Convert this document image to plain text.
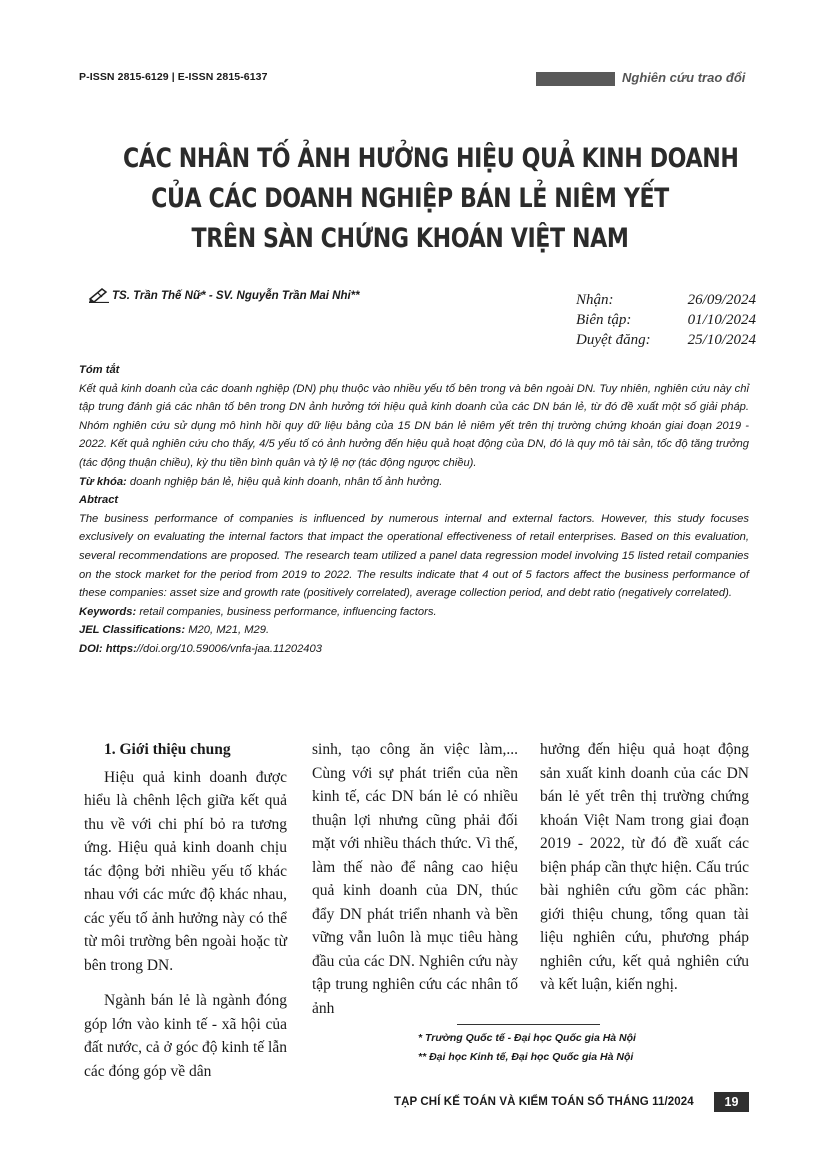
P-ISSN 2815-6129 | E-ISSN 2815-6137	Nghiên cứu trao đổi
CÁC NHÂN TỐ ẢNH HƯỞNG HIỆU QUẢ KINH DOANH
CỦA CÁC DOANH NGHIỆP BÁN LẺ NIÊM YẾT
TRÊN SÀN CHỨNG KHOÁN VIỆT NAM
TS. Trần Thế Nữ* - SV. Nguyễn Trần Mai Nhi**	Nhận:	26/09/2024
Biên tập:	01/10/2024
Duyệt đăng:	25/10/2024
Tóm tắt
Kết quả kinh doanh của các doanh nghiệp (DN) phụ thuộc vào nhiều yếu tố bên trong và bên ngoài DN. Tuy nhiên, nghiên cứu này chỉ tập trung đánh giá các nhân tố bên trong DN ảnh hưởng tới hiệu quả kinh doanh của các DN bán lẻ, từ đó đề xuất một số giải pháp. Nhóm nghiên cứu sử dụng mô hình hồi quy dữ liệu bảng của 15 DN bán lẻ niêm yết trên thị trường chứng khoán giai đoạn 2019 - 2022. Kết quả nghiên cứu cho thấy, 4/5 yếu tố có ảnh hưởng đến hiệu quả hoạt động của DN, đó là quy mô tài sản, tốc độ tăng trưởng (tác động thuận chiều), kỳ thu tiền bình quân và tỷ lệ nợ (tác động ngược chiều).
Từ khóa: doanh nghiệp bán lẻ, hiệu quả kinh doanh, nhân tố ảnh hưởng.
Abtract
The business performance of companies is influenced by numerous internal and external factors. However, this study focuses exclusively on evaluating the internal factors that impact the operational effectiveness of retail enterprises. Based on this evaluation, several recommendations are proposed. The research team utilized a panel data regression model involving 15 listed retail companies on the stock market for the period from 2019 to 2022. The results indicate that 4 out of 5 factors affect the business performance of these companies: asset size and growth rate (positively correlated), average collection period, and debt ratio (negatively correlated).
Keywords: retail companies, business performance, influencing factors.
JEL Classifications: M20, M21, M29.
DOI: https://doi.org/10.59006/vnfa-jaa.11202403
1. Giới thiệu chung

Hiệu quả kinh doanh được hiểu là chênh lệch giữa kết quả thu về với chi phí bỏ ra tương ứng. Hiệu quả kinh doanh chịu tác động bởi nhiều yếu tố khác nhau với các mức độ khác nhau, các yếu tố ảnh hưởng này có thể từ môi trường bên ngoài hoặc từ bên trong DN.

Ngành bán lẻ là ngành đóng góp lớn vào kinh tế - xã hội của đất nước, cả ở góc độ kinh tế lẫn các đóng góp về dân

sinh, tạo công ăn việc làm,... Cùng với sự phát triển của nền kinh tế, các DN bán lẻ có nhiều thuận lợi nhưng cũng phải đối mặt với nhiều thách thức. Vì thế, làm thế nào để nâng cao hiệu quả kinh doanh của DN, thúc đẩy DN phát triển nhanh và bền vững vẫn luôn là mục tiêu hàng đầu của các DN. Nghiên cứu này tập trung nghiên cứu các nhân tố ảnh

hưởng đến hiệu quả hoạt động sản xuất kinh doanh của các DN bán lẻ yết trên thị trường chứng khoán Việt Nam trong giai đoạn 2019 - 2022, từ đó đề xuất các biện pháp cần thực hiện. Cấu trúc bài nghiên cứu gồm các phần: giới thiệu chung, tổng quan tài liệu nghiên cứu, phương pháp nghiên cứu, kết quả nghiên cứu và kết luận, kiến nghị.

* Trường Quốc tế - Đại học Quốc gia Hà Nội
** Đại học Kinh tế, Đại học Quốc gia Hà Nội
TẠP CHÍ KẾ TOÁN VÀ KIỂM TOÁN SỐ THÁNG 11/2024	19
